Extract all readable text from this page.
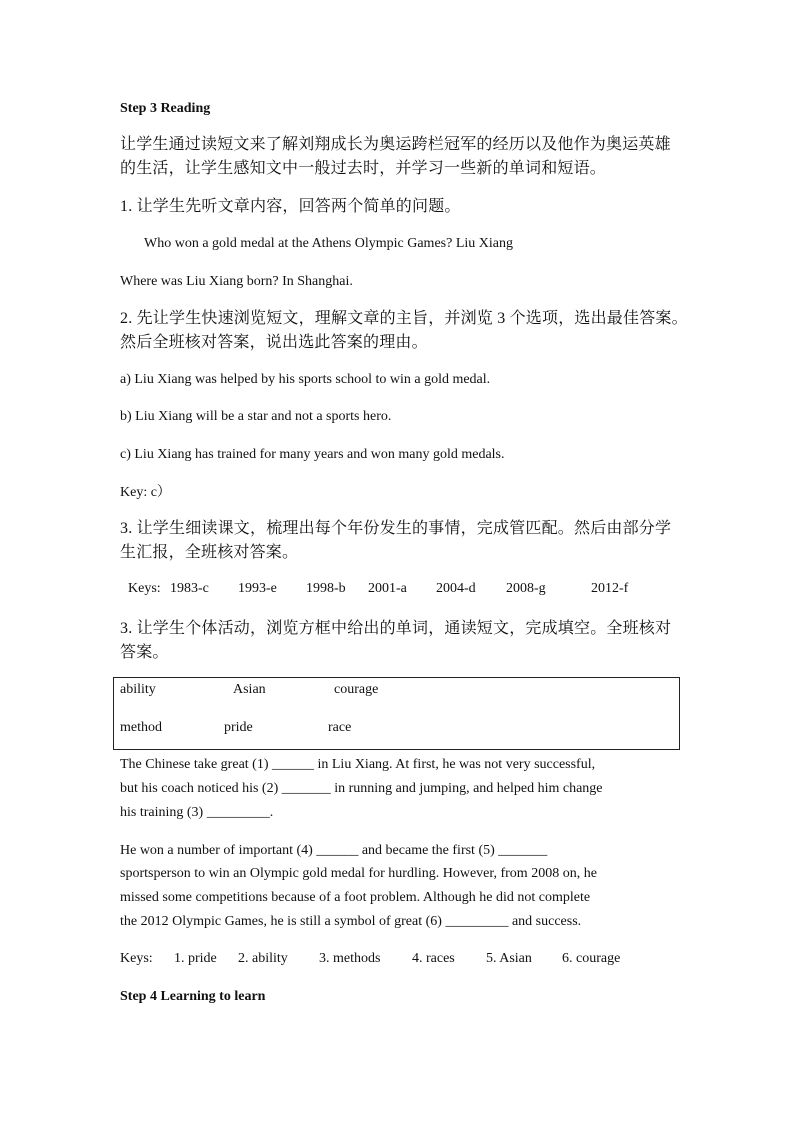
Step 3 Reading
让学生通过读短文来了解刘翔成长为奥运跨栏冠军的经历以及他作为奥运英雄
的生活，让学生感知文中一般过去时，并学习一些新的单词和短语。
1. 让学生先听文章内容，回答两个简单的问题。
Who won a gold medal at the Athens Olympic Games? Liu Xiang
Where was Liu Xiang born? In Shanghai.
2. 先让学生快速浏览短文，理解文章的主旨，并浏览 3 个选项，选出最佳答案。
然后全班核对答案，说出选此答案的理由。
a) Liu Xiang was helped by his sports school to win a gold medal.
b) Liu Xiang will be a star and not a sports hero.
c) Liu Xiang has trained for many years and won many gold medals.
Key: c）
3. 让学生细读课文，梳理出每个年份发生的事情，完成管匹配。然后由部分学
生汇报，全班核对答案。
Keys: 1983-c 1993-e 1998-b 2001-a 2004-d 2008-g	2012-f
3. 让学生个体活动，浏览方框中给出的单词，通读短文，完成填空。全班核对
答案。
ability	Asian	courage
method	pride	race
The Chinese take great (1) ______ in Liu Xiang. At first, he was not very successful,
but his coach noticed his (2) _______ in running and jumping, and helped him change
his training (3) _________.
He won a number of important (4) ______ and became the first (5) _______
sportsperson to win an Olympic gold medal for hurdling. However, from 2008 on, he
missed some competitions because of a foot problem. Although he did not complete
the 2012 Olympic Games, he is still a symbol of great (6) _________ and success.
Keys: 1. pride 2. ability 3. methods 4. races 5. Asian 6. courage
Step 4 Learning to learn
